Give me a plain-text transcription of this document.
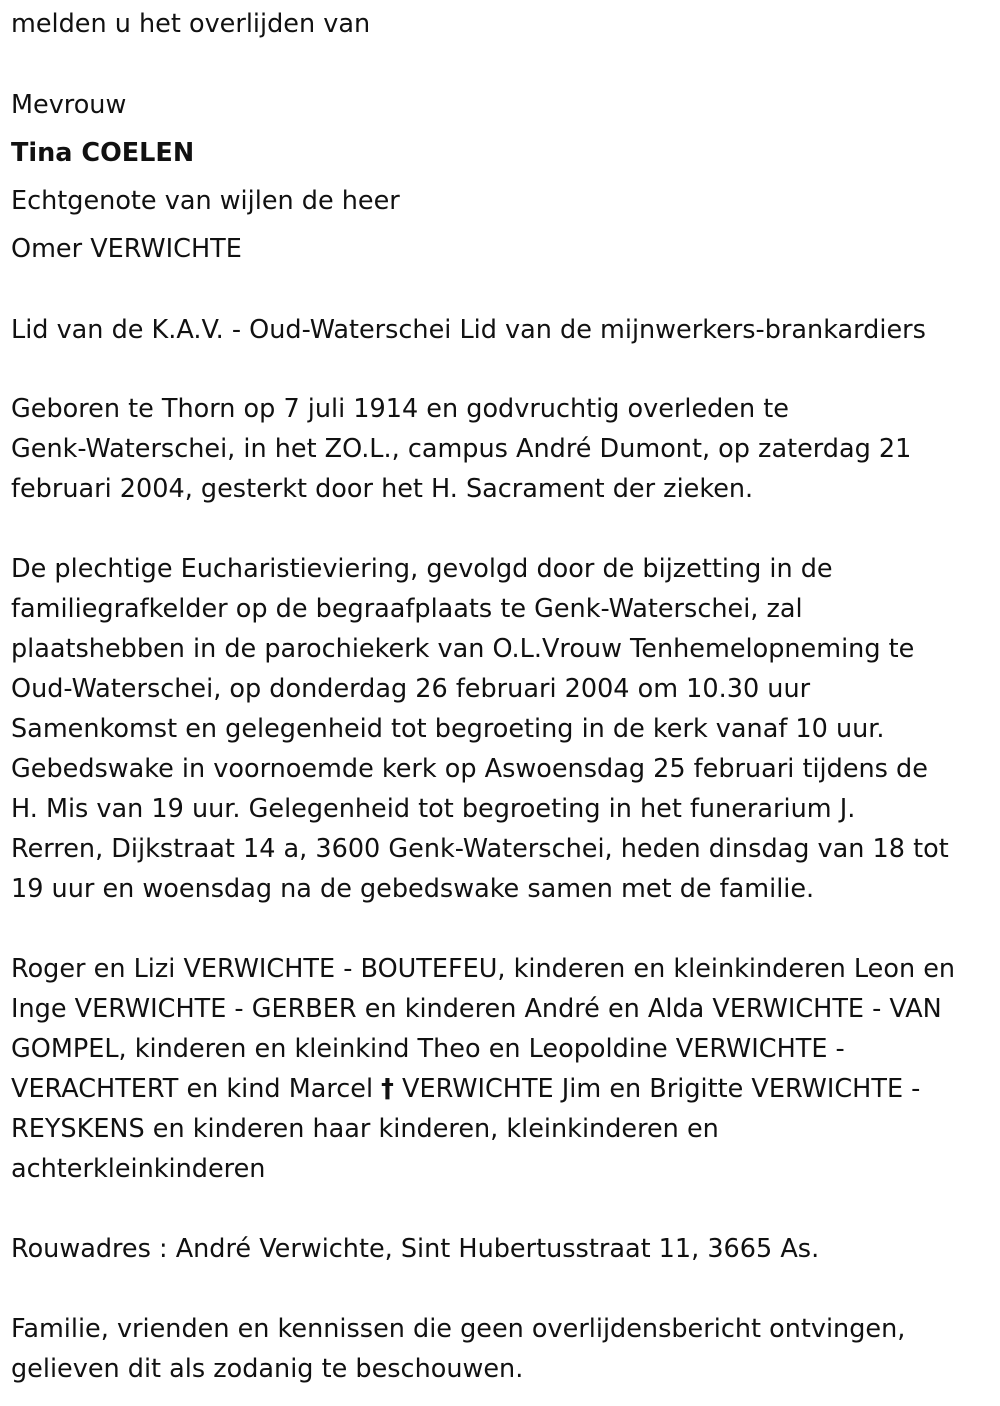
melden u het overlijden van
Mevrouw
Tina COELEN
Echtgenote van wijlen de heer
Omer VERWICHTE
Lid van de K.A.V. - Oud-Waterschei Lid van de mijnwerkers-brankardiers
Geboren te Thorn op 7 juli 1914 en godvruchtig overleden te
Genk-Waterschei, in het ZO.L., campus André Dumont, op zaterdag 21
februari 2004, gesterkt door het H. Sacrament der zieken.
De plechtige Eucharistieviering, gevolgd door de bijzetting in de
familiegrafkelder op de begraafplaats te Genk-Waterschei, zal
plaatshebben in de parochiekerk van O.L.Vrouw Tenhemelopneming te
Oud-Waterschei, op donderdag 26 februari 2004 om 10.30 uur
Samenkomst en gelegenheid tot begroeting in de kerk vanaf 10 uur.
Gebedswake in voornoemde kerk op Aswoensdag 25 februari tijdens de
H. Mis van 19 uur. Gelegenheid tot begroeting in het funerarium J.
Rerren, Dijkstraat 14 a, 3600 Genk-Waterschei, heden dinsdag van 18 tot
19 uur en woensdag na de gebedswake samen met de familie.
Roger en Lizi VERWICHTE - BOUTEFEU, kinderen en kleinkinderen Leon en
Inge VERWICHTE - GERBER en kinderen André en Alda VERWICHTE - VAN
GOMPEL, kinderen en kleinkind Theo en Leopoldine VERWICHTE -
VERACHTERT en kind Marcel † VERWICHTE Jim en Brigitte VERWICHTE -
REYSKENS en kinderen haar kinderen, kleinkinderen en
achterkleinkinderen
Rouwadres : André Verwichte, Sint Hubertusstraat 11, 3665 As.
Familie, vrienden en kennissen die geen overlijdensbericht ontvingen,
gelieven dit als zodanig te beschouwen.
